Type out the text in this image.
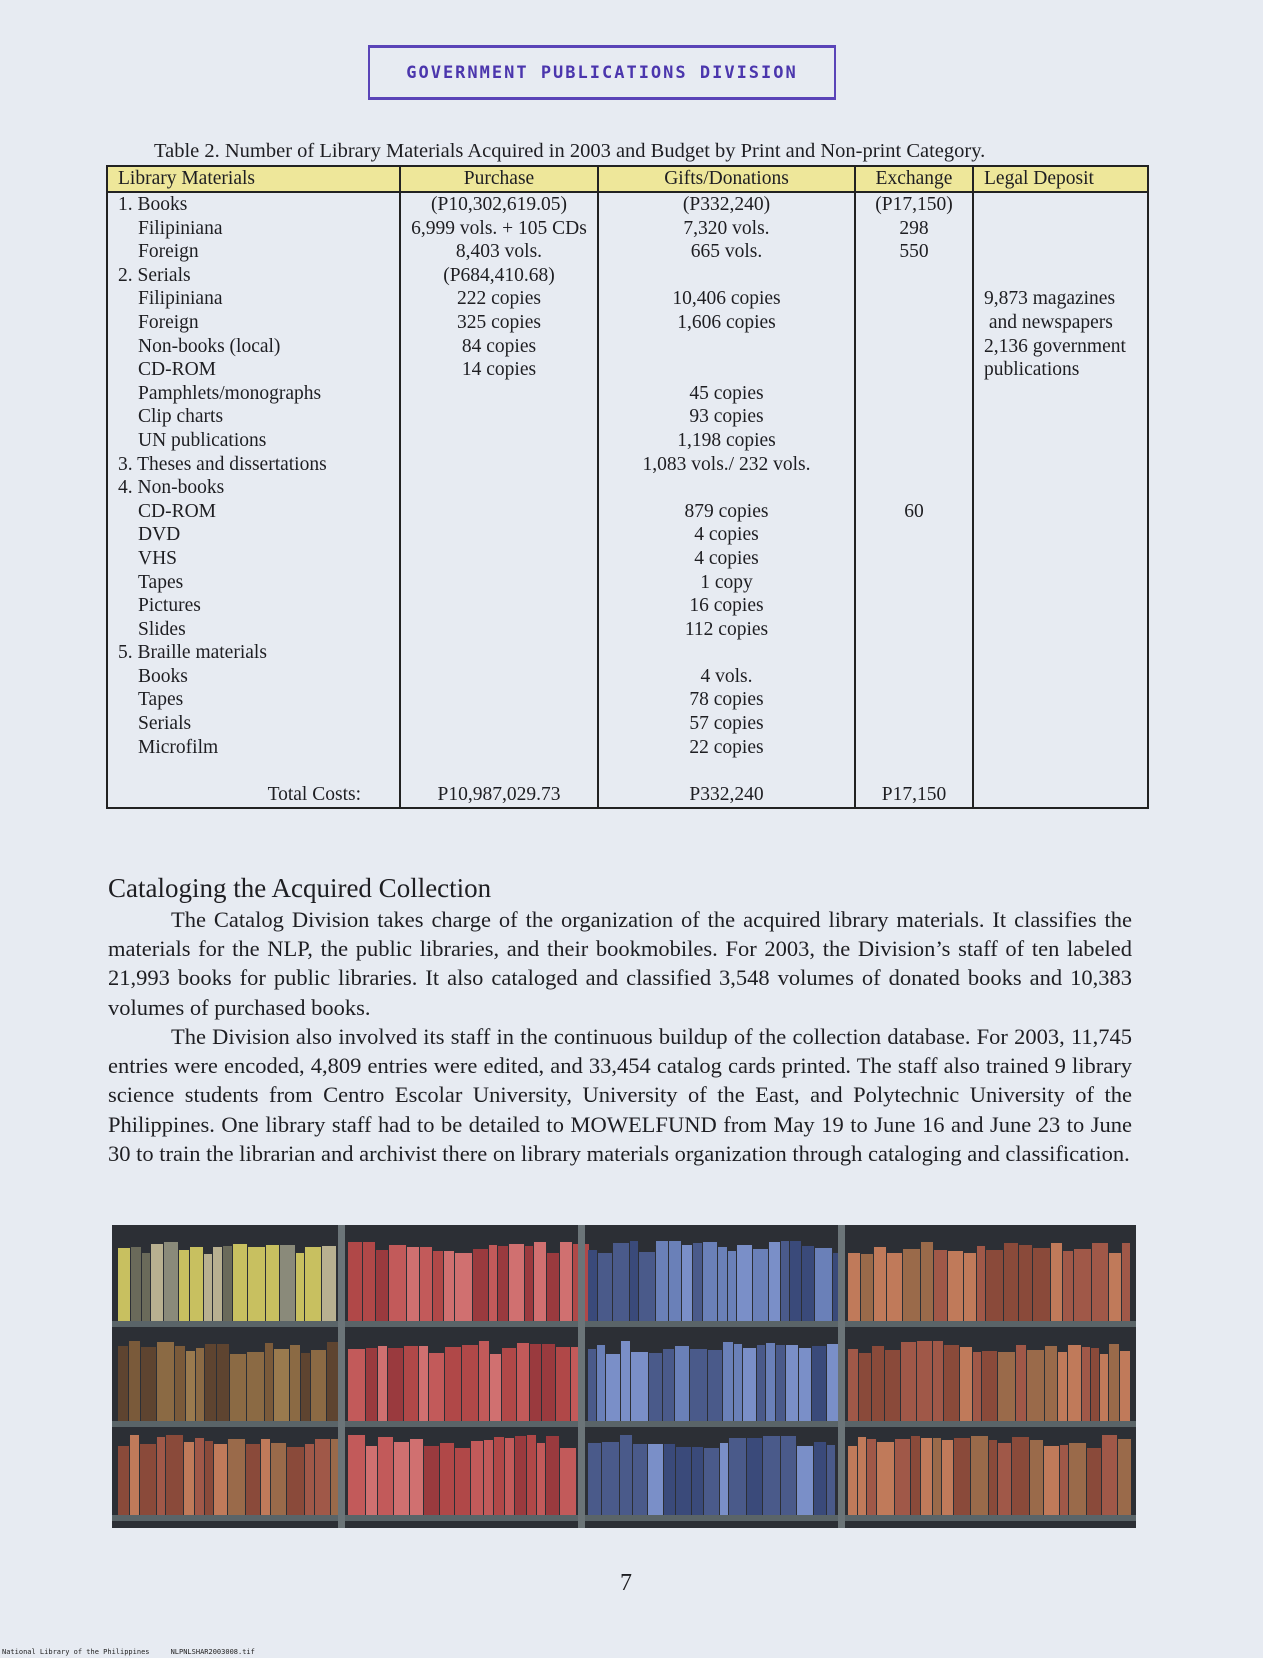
GOVERNMENT PUBLICATIONS DIVISION
Table 2. Number of Library Materials Acquired in 2003 and Budget by Print and Non-print Category.
Library Materials	Purchase	Gifts/Donations	Exchange	Legal Deposit
1. Books	(P10,302,619.05)	(P332,240)	(P17,150)	
Filipiniana	6,999 vols. + 105 CDs	7,320 vols.	298	
Foreign	8,403 vols.	665 vols.	550	
2. Serials	(P684,410.68)			
Filipiniana	222 copies	10,406 copies		9,873 magazines
Foreign	325 copies	1,606 copies		and newspapers
Non-books (local)	84 copies			2,136 government
CD-ROM	14 copies			publications
Pamphlets/monographs		45 copies		
Clip charts		93 copies		
UN publications		1,198 copies		
3. Theses and dissertations		1,083 vols./ 232 vols.		
4. Non-books				
CD-ROM		879 copies	60	
DVD		4 copies		
VHS		4 copies		
Tapes		1 copy		
Pictures		16 copies		
Slides		112 copies		
5. Braille materials				
Books		4 vols.		
Tapes		78 copies		
Serials		57 copies		
Microfilm		22 copies		

Total Costs:	P10,987,029.73	P332,240	P17,150	
Cataloging the Acquired Collection

The Catalog Division takes charge of the organization of the acquired library materials. It classifies the materials for the NLP, the public libraries, and their bookmobiles. For 2003, the Division’s staff of ten labeled 21,993 books for public libraries. It also cataloged and classified 3,548 volumes of donated books and 10,383 volumes of purchased books.

The Division also involved its staff in the continuous buildup of the collection database. For 2003, 11,745 entries were encoded, 4,809 entries were edited, and 33,454 catalog cards printed. The staff also trained 9 library science students from Centro Escolar University, University of the East, and Polytechnic University of the Philippines. One library staff had to be detailed to MOWELFUND from May 19 to June 16 and June 23 to June 30 to train the librarian and archivist there on library materials organization through cataloging and classification.

7
National Library of the Philippines     NLPNLSHAR2003008.tif
